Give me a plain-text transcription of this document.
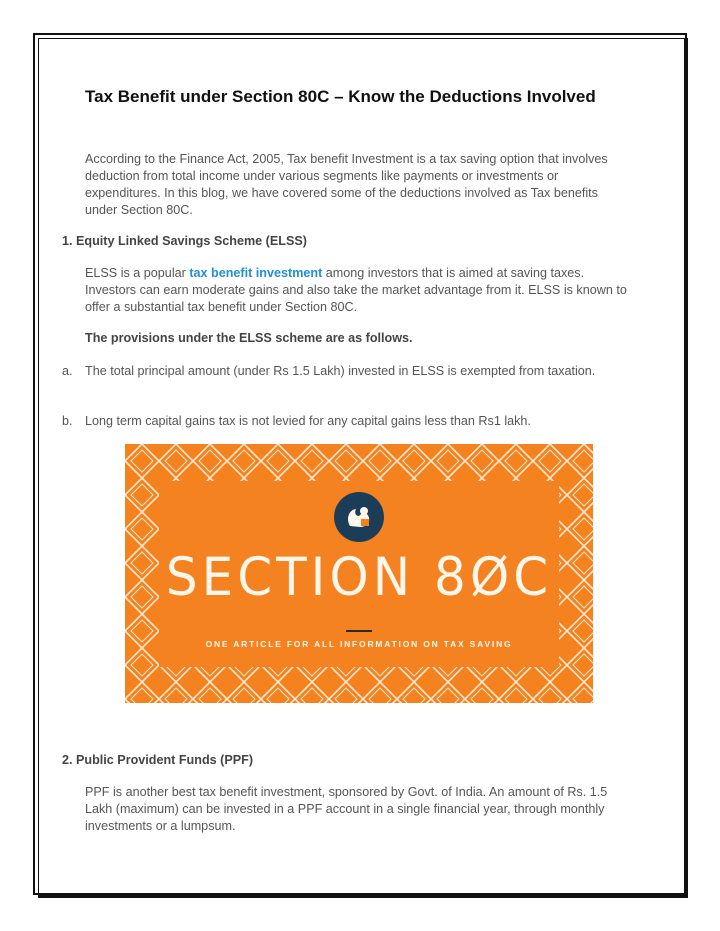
Tax Benefit under Section 80C – Know the Deductions Involved
According to the Finance Act, 2005, Tax benefit Investment is a tax saving option that involves deduction from total income under various segments like payments or investments or expenditures. In this blog, we have covered some of the deductions involved as Tax benefits under Section 80C.
1. Equity Linked Savings Scheme (ELSS)
ELSS is a popular tax benefit investment among investors that is aimed at saving taxes. Investors can earn moderate gains and also take the market advantage from it. ELSS is known to offer a substantial tax benefit under Section 80C.
The provisions under the ELSS scheme are as follows.
a. The total principal amount (under Rs 1.5 Lakh) invested in ELSS is exempted from taxation.
b. Long term capital gains tax is not levied for any capital gains less than Rs1 lakh.
SECTION 8ØC
ONE ARTICLE FOR ALL INFORMATION ON TAX SAVING
2. Public Provident Funds (PPF)
PPF is another best tax benefit investment, sponsored by Govt. of India. An amount of Rs. 1.5 Lakh (maximum) can be invested in a PPF account in a single financial year, through monthly investments or a lumpsum.
